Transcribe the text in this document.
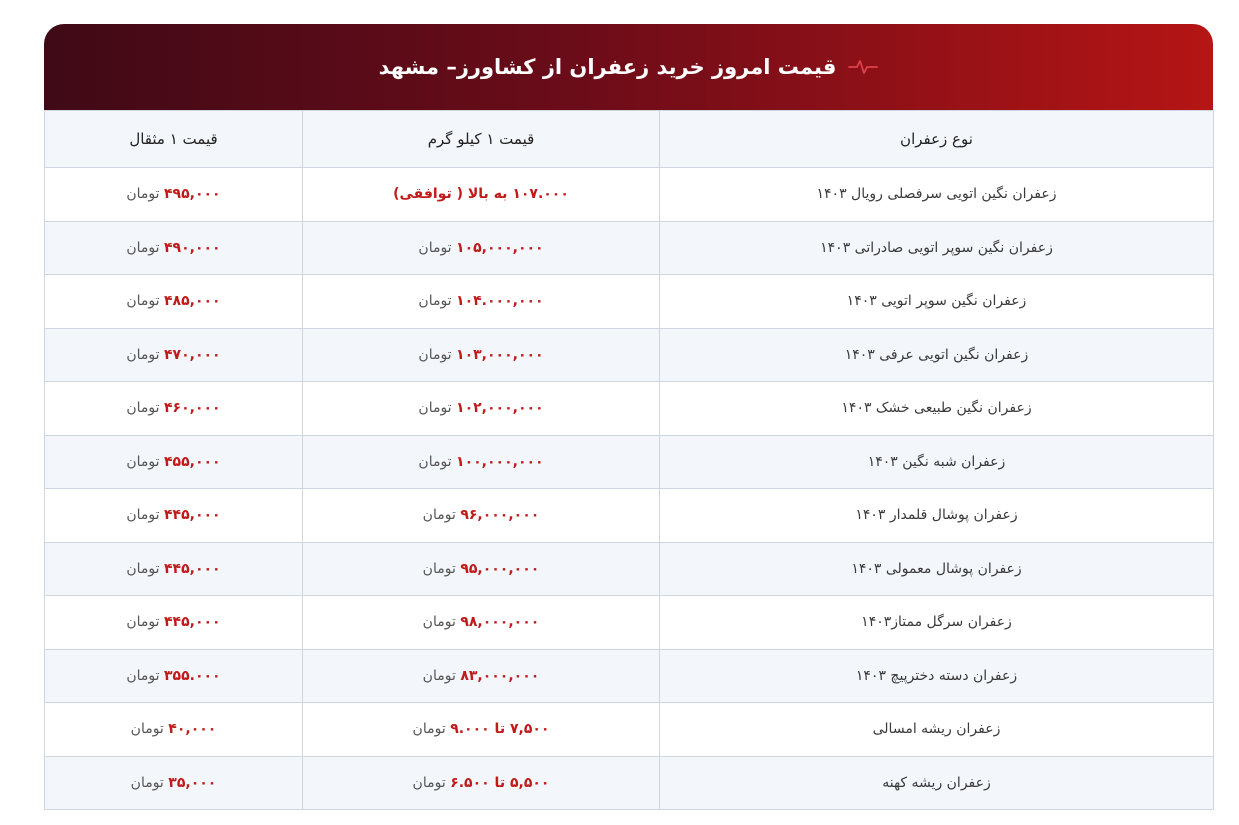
قیمت امروز خرید زعفران از کشاورز– مشهد
نوع زعفران	قیمت ۱ کیلو گرم	قیمت ۱ مثقال
زعفران نگین اتویی سرفصلی رویال ۱۴۰۳	۱۰۷.۰۰۰ به بالا ( توافقی)	۴۹۵,۰۰۰ تومان
زعفران نگین سوپر اتویی صادراتی ۱۴۰۳	۱۰۵,۰۰۰,۰۰۰ تومان	۴۹۰,۰۰۰ تومان
زعفران نگین سوپر اتویی ۱۴۰۳	۱۰۴.۰۰۰,۰۰۰ تومان	۴۸۵,۰۰۰ تومان
زعفران نگین اتویی عرفی ۱۴۰۳	۱۰۳,۰۰۰,۰۰۰ تومان	۴۷۰,۰۰۰ تومان
زعفران نگین طبیعی خشک ۱۴۰۳	۱۰۲,۰۰۰,۰۰۰ تومان	۴۶۰,۰۰۰ تومان
زعفران شبه نگین ۱۴۰۳	۱۰۰,۰۰۰,۰۰۰ تومان	۴۵۵,۰۰۰ تومان
زعفران پوشال قلمدار ۱۴۰۳	۹۶,۰۰۰,۰۰۰ تومان	۴۴۵,۰۰۰ تومان
زعفران پوشال معمولی ۱۴۰۳	۹۵,۰۰۰,۰۰۰ تومان	۴۴۵,۰۰۰ تومان
زعفران سرگل ممتاز۱۴۰۳	۹۸,۰۰۰,۰۰۰ تومان	۴۴۵,۰۰۰ تومان
زعفران دسته دخترپیچ ۱۴۰۳	۸۳,۰۰۰,۰۰۰ تومان	۳۵۵.۰۰۰ تومان
زعفران ریشه امسالی	۷,۵۰۰ تا ۹.۰۰۰ تومان	۴۰,۰۰۰ تومان
زعفران ریشه کهنه	۵,۵۰۰ تا ۶.۵۰۰ تومان	۳۵,۰۰۰ تومان
